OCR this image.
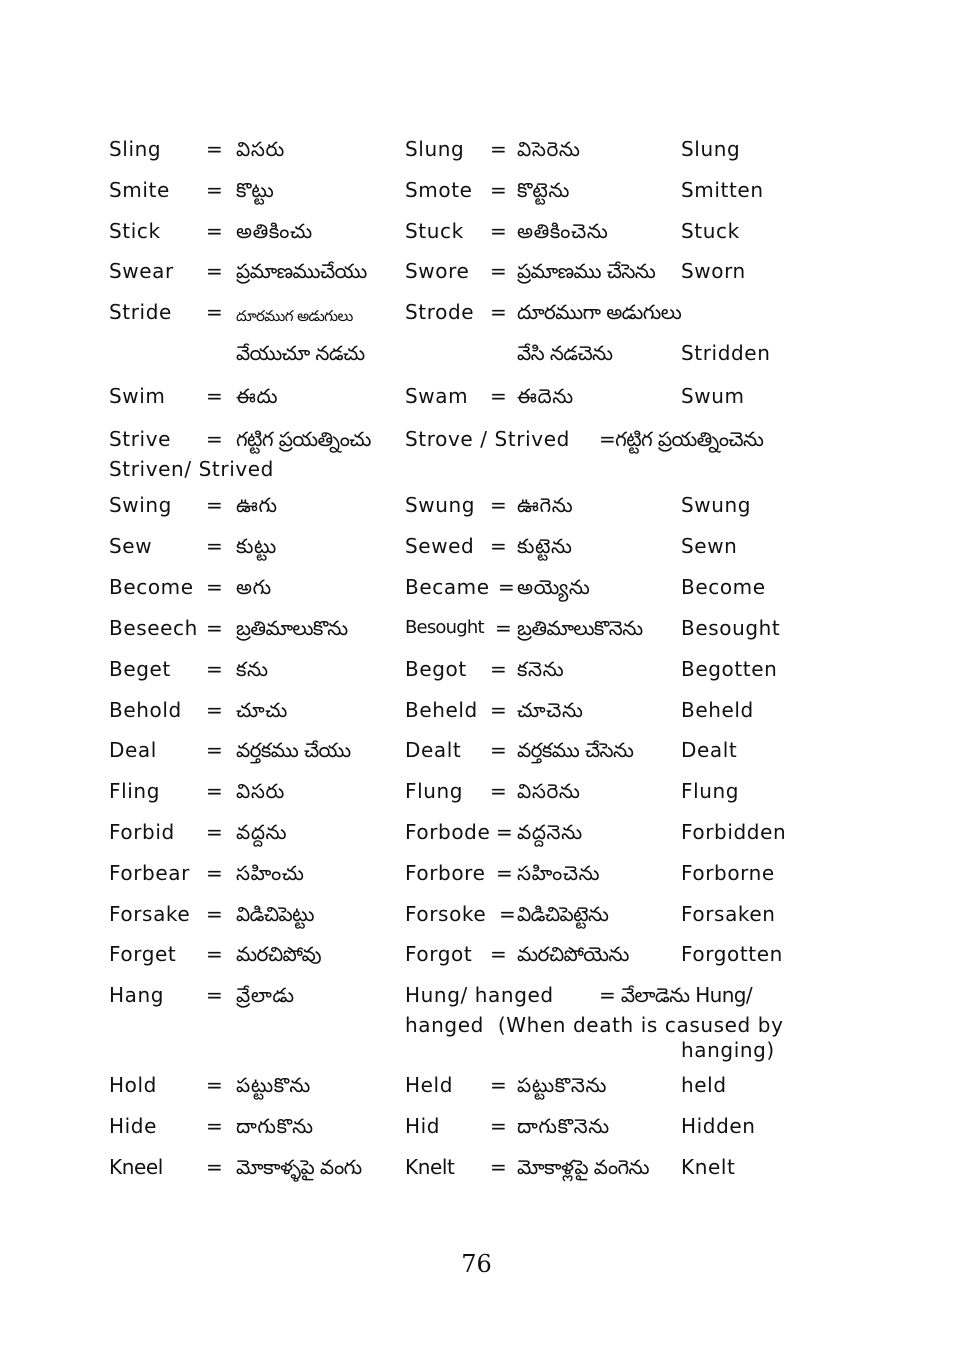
Sling = విసరు	Slung = విసెరెను	Slung
Smite = కొట్టు	Smote = కొట్టెను	Smitten
Stick = అతికించు	Stuck = అతికించెను	Stuck
Swear = ప్రమాణముచేయు Swore = ప్రమాణము చేసెను Sworn
Stride = దూరముగ అడుగులు	Strode = దూరముగా అడుగులు
వేయుచూ నడచు	వేసి నడచెను	Stridden
Swim = ఈదు	Swam = ఈదెను	Swum
Strive = గట్టిగ ప్రయత్నించు Strove / Strived =గట్టిగ ప్రయత్నించెను
Striven/ Strived
Swing = ఊగు	Swung = ఊగెను	Swung
Sew	= కుట్టు	Sewed = కుట్టెను	Sewn
Become = అగు	Became = అయ్యెను	Become
Beseech = బ్రతిమాలుకొను	Besought = బ్రతిమాలుకొనెను Besought
Beget = కను	Begot = కనెను	Begotten
Behold = చూచు	Beheld = చూచెను	Beheld
Deal = వర్తకము చేయు	Dealt = వర్తకము చేసెను Dealt
Fling = విసరు	Flung = విసరెను	Flung
Forbid = వద్దను	Forbode = వద్దనెను	Forbidden
Forbear = సహించు	Forbore = సహించెను	Forborne
Forsake = విడిచిపెట్టు	Forsoke = విడిచిపెట్టెను	Forsaken
Forget = మరచిపోవు	Forgot = మరచిపోయెను	Forgotten
Hang = వ్రేలాడు	Hung/ hanged = వేలాడెను Hung/
hanged  (When death is casused by
hanging)
Hold = పట్టుకొను	Held = పట్టుకొనెను	held
Hide = దాగుకొను	Hid = దాగుకొనెను	Hidden
Kneel = మోకాళ్ళపై వంగు Knelt = మోకాళ్లపై వంగెను Knelt
76
